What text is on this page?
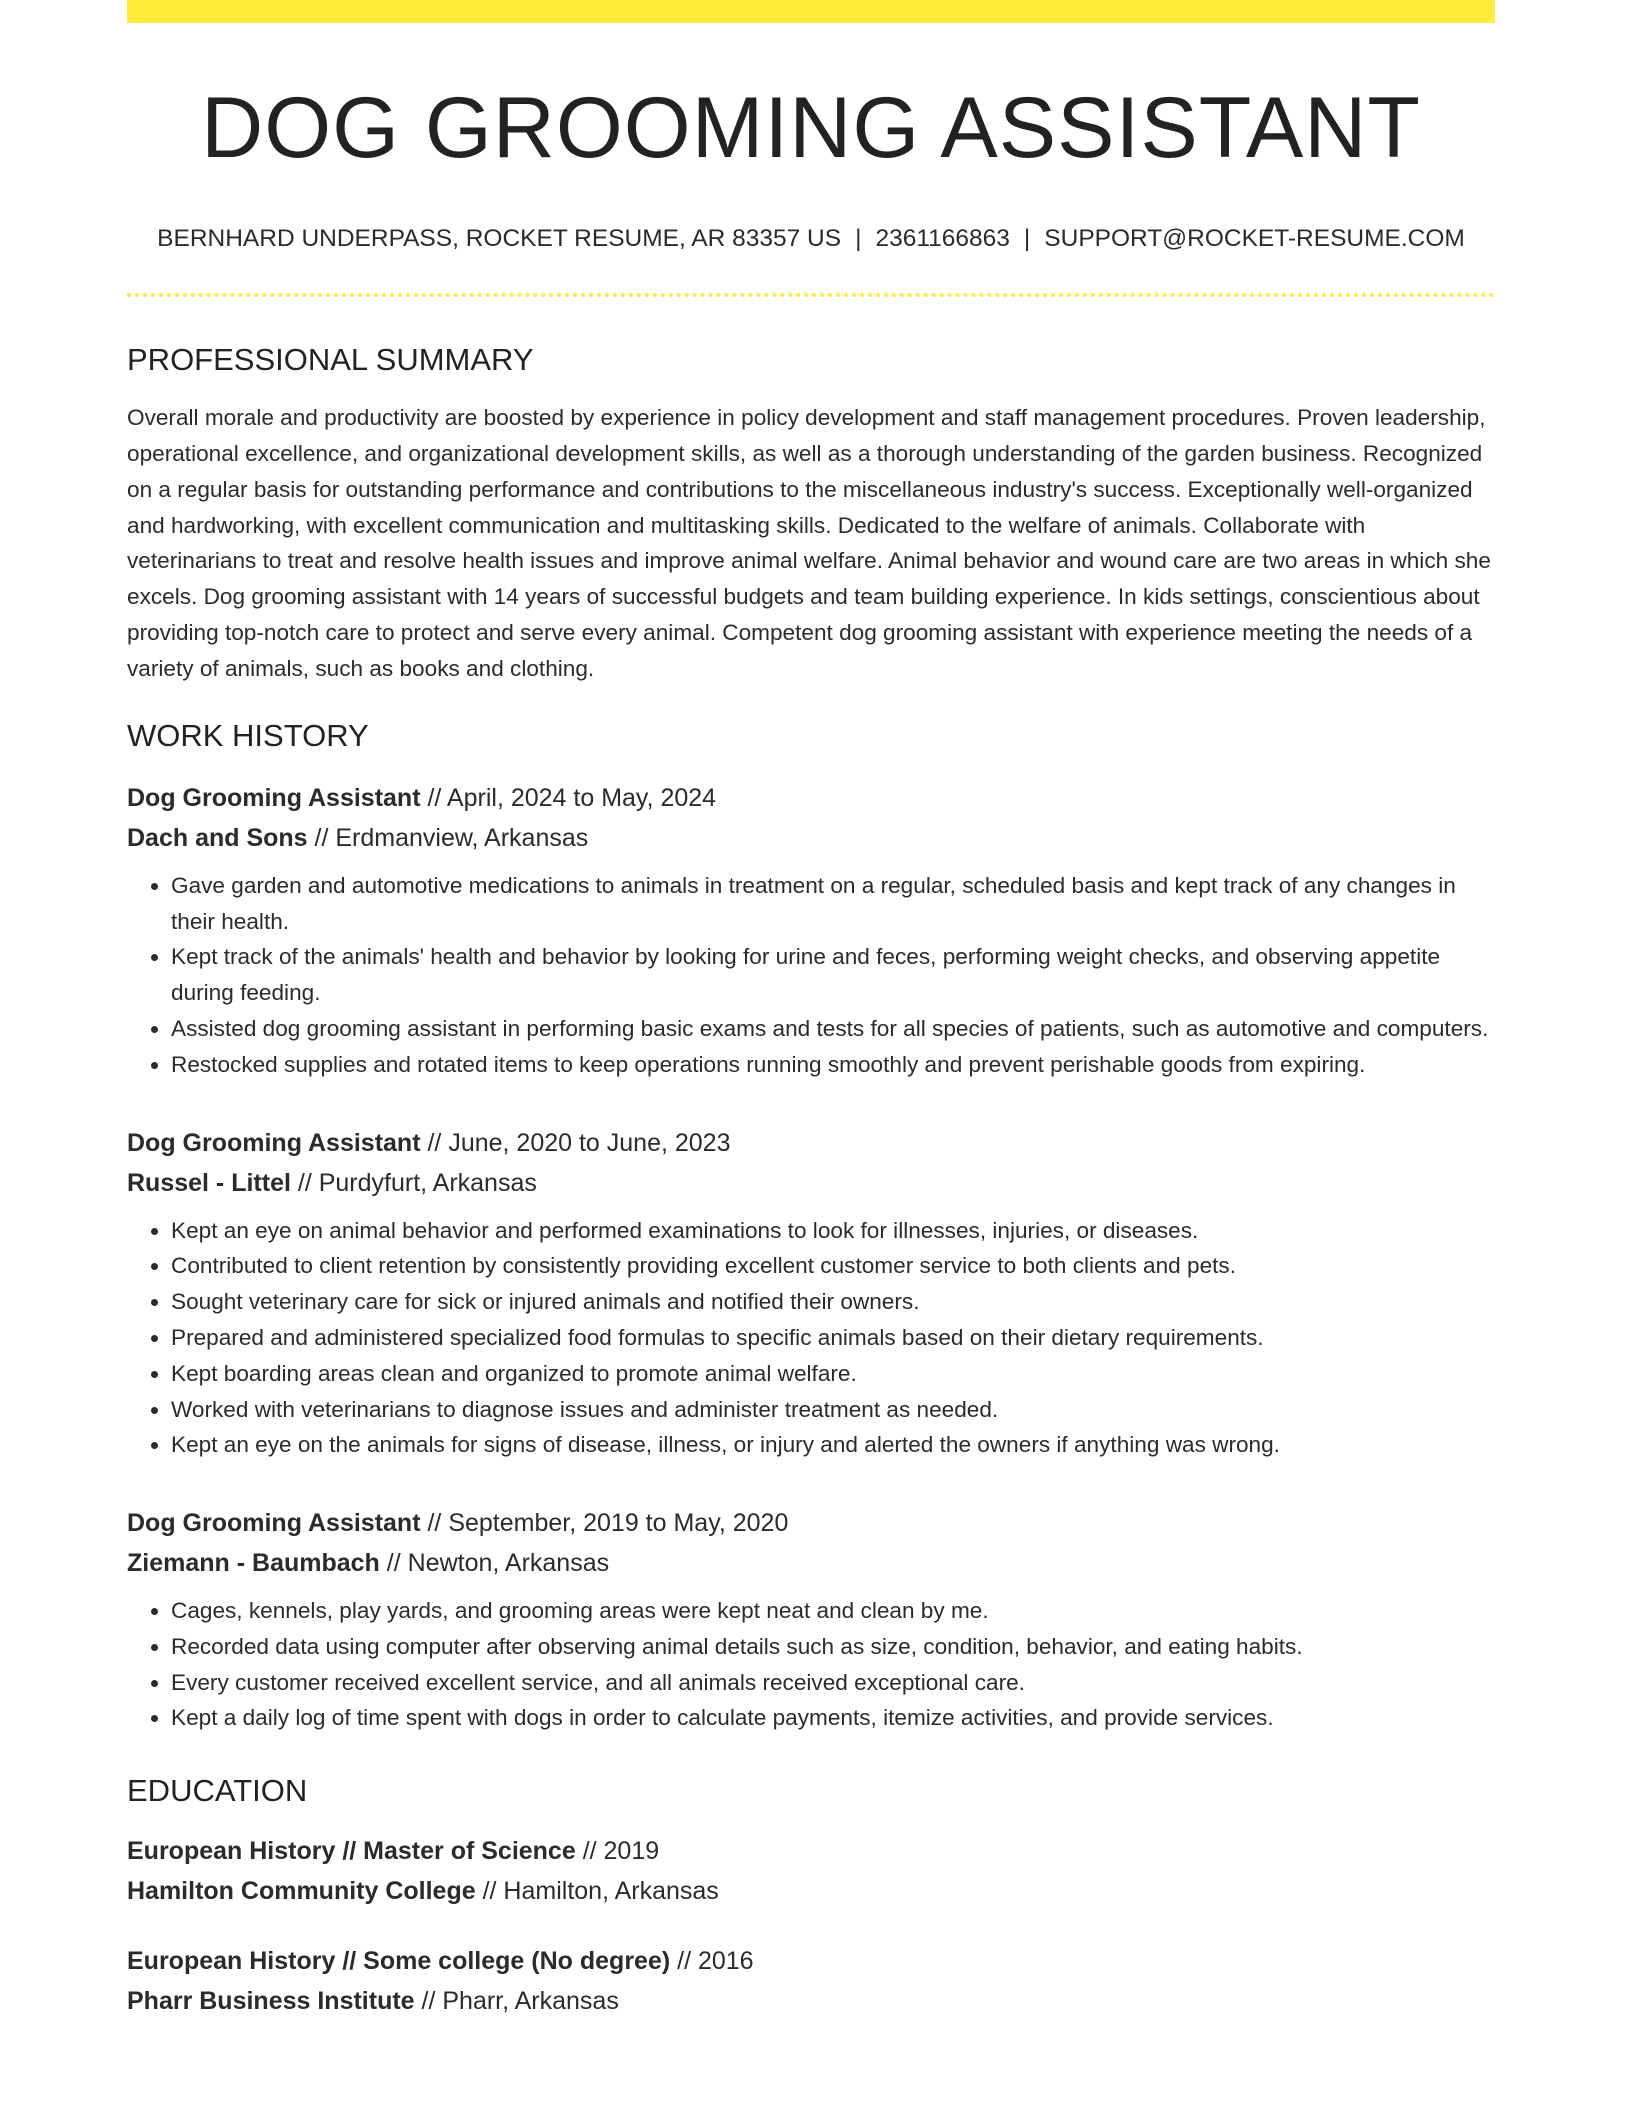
DOG GROOMING ASSISTANT
BERNHARD UNDERPASS, ROCKET RESUME, AR 83357 US | 2361166863 | SUPPORT@ROCKET-RESUME.COM
PROFESSIONAL SUMMARY
Overall morale and productivity are boosted by experience in policy development and staff management procedures. Proven leadership, operational excellence, and organizational development skills, as well as a thorough understanding of the garden business. Recognized on a regular basis for outstanding performance and contributions to the miscellaneous industry's success. Exceptionally well-organized and hardworking, with excellent communication and multitasking skills. Dedicated to the welfare of animals. Collaborate with veterinarians to treat and resolve health issues and improve animal welfare. Animal behavior and wound care are two areas in which she excels. Dog grooming assistant with 14 years of successful budgets and team building experience. In kids settings, conscientious about providing top-notch care to protect and serve every animal. Competent dog grooming assistant with experience meeting the needs of a variety of animals, such as books and clothing.
WORK HISTORY
Dog Grooming Assistant // April, 2024 to May, 2024
Dach and Sons // Erdmanview, Arkansas
• Gave garden and automotive medications to animals in treatment on a regular, scheduled basis and kept track of any changes in their health.
• Kept track of the animals' health and behavior by looking for urine and feces, performing weight checks, and observing appetite during feeding.
• Assisted dog grooming assistant in performing basic exams and tests for all species of patients, such as automotive and computers.
• Restocked supplies and rotated items to keep operations running smoothly and prevent perishable goods from expiring.
Dog Grooming Assistant // June, 2020 to June, 2023
Russel - Littel // Purdyfurt, Arkansas
• Kept an eye on animal behavior and performed examinations to look for illnesses, injuries, or diseases.
• Contributed to client retention by consistently providing excellent customer service to both clients and pets.
• Sought veterinary care for sick or injured animals and notified their owners.
• Prepared and administered specialized food formulas to specific animals based on their dietary requirements.
• Kept boarding areas clean and organized to promote animal welfare.
• Worked with veterinarians to diagnose issues and administer treatment as needed.
• Kept an eye on the animals for signs of disease, illness, or injury and alerted the owners if anything was wrong.
Dog Grooming Assistant // September, 2019 to May, 2020
Ziemann - Baumbach // Newton, Arkansas
• Cages, kennels, play yards, and grooming areas were kept neat and clean by me.
• Recorded data using computer after observing animal details such as size, condition, behavior, and eating habits.
• Every customer received excellent service, and all animals received exceptional care.
• Kept a daily log of time spent with dogs in order to calculate payments, itemize activities, and provide services.
EDUCATION
European History // Master of Science // 2019
Hamilton Community College // Hamilton, Arkansas
European History // Some college (No degree) // 2016
Pharr Business Institute // Pharr, Arkansas
